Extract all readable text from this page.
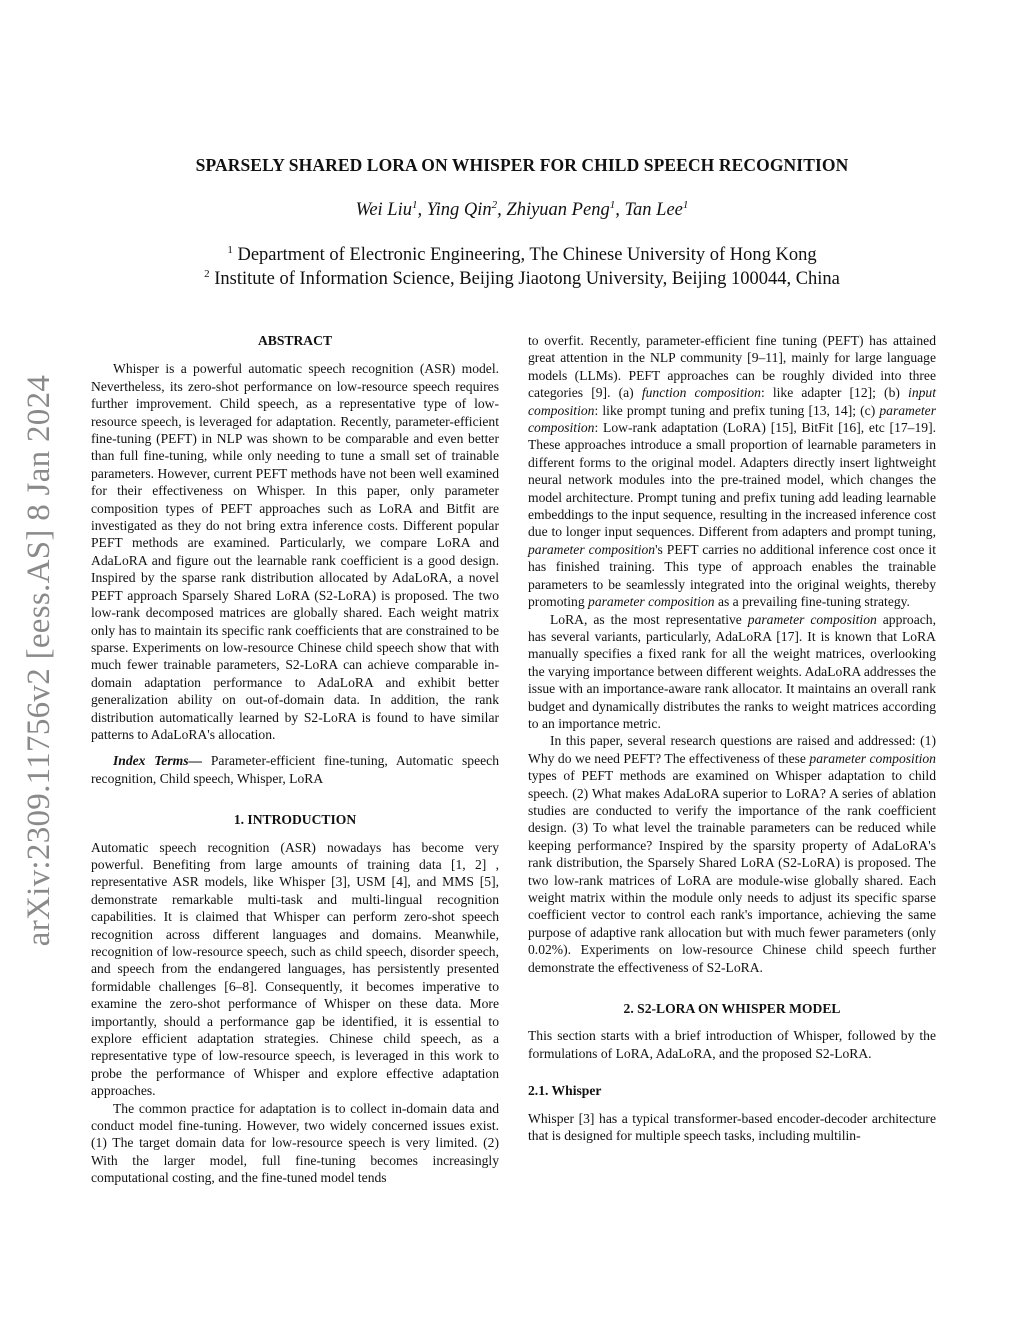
arXiv:2309.11756v2 [eess.AS] 8 Jan 2024
SPARSELY SHARED LORA ON WHISPER FOR CHILD SPEECH RECOGNITION
Wei Liu$^1$, Ying Qin$^2$, Zhiyuan Peng$^1$, Tan Lee$^1$
$^1$ Department of Electronic Engineering, The Chinese University of Hong Kong
$^2$ Institute of Information Science, Beijing Jiaotong University, Beijing 100044, China
ABSTRACT

Whisper is a powerful automatic speech recognition (ASR) model. Nevertheless, its zero-shot performance on low-resource speech requires further improvement. Child speech, as a representative type of low-resource speech, is leveraged for adaptation. Recently, parameter-efficient fine-tuning (PEFT) in NLP was shown to be comparable and even better than full fine-tuning, while only needing to tune a small set of trainable parameters. However, current PEFT methods have not been well examined for their effectiveness on Whisper. In this paper, only parameter composition types of PEFT approaches such as LoRA and Bitfit are investigated as they do not bring extra inference costs. Different popular PEFT methods are examined. Particularly, we compare LoRA and AdaLoRA and figure out the learnable rank coefficient is a good design. Inspired by the sparse rank distribution allocated by AdaLoRA, a novel PEFT approach Sparsely Shared LoRA (S2-LoRA) is proposed. The two low-rank decomposed matrices are globally shared. Each weight matrix only has to maintain its specific rank coefficients that are constrained to be sparse. Experiments on low-resource Chinese child speech show that with much fewer trainable parameters, S2-LoRA can achieve comparable in-domain adaptation performance to AdaLoRA and exhibit better generalization ability on out-of-domain data. In addition, the rank distribution automatically learned by S2-LoRA is found to have similar patterns to AdaLoRA's allocation.

Index Terms— Parameter-efficient fine-tuning, Automatic speech recognition, Child speech, Whisper, LoRA

1. INTRODUCTION

Automatic speech recognition (ASR) nowadays has become very powerful. Benefiting from large amounts of training data [1, 2] , representative ASR models, like Whisper [3], USM [4], and MMS [5], demonstrate remarkable multi-task and multi-lingual recognition capabilities. It is claimed that Whisper can perform zero-shot speech recognition across different languages and domains. Meanwhile, recognition of low-resource speech, such as child speech, disorder speech, and speech from the endangered languages, has persistently presented formidable challenges [6–8]. Consequently, it becomes imperative to examine the zero-shot performance of Whisper on these data. More importantly, should a performance gap be identified, it is essential to explore efficient adaptation strategies. Chinese child speech, as a representative type of low-resource speech, is leveraged in this work to probe the performance of Whisper and explore effective adaptation approaches.

The common practice for adaptation is to collect in-domain data and conduct model fine-tuning. However, two widely concerned issues exist. (1) The target domain data for low-resource speech is very limited. (2) With the larger model, full fine-tuning becomes increasingly computational costing, and the fine-tuned model tends

to overfit. Recently, parameter-efficient fine tuning (PEFT) has attained great attention in the NLP community [9–11], mainly for large language models (LLMs). PEFT approaches can be roughly divided into three categories [9]. (a) function composition: like adapter [12]; (b) input composition: like prompt tuning and prefix tuning [13, 14]; (c) parameter composition: Low-rank adaptation (LoRA) [15], BitFit [16], etc [17–19]. These approaches introduce a small proportion of learnable parameters in different forms to the original model. Adapters directly insert lightweight neural network modules into the pre-trained model, which changes the model architecture. Prompt tuning and prefix tuning add leading learnable embeddings to the input sequence, resulting in the increased inference cost due to longer input sequences. Different from adapters and prompt tuning, parameter composition's PEFT carries no additional inference cost once it has finished training. This type of approach enables the trainable parameters to be seamlessly integrated into the original weights, thereby promoting parameter composition as a prevailing fine-tuning strategy.

LoRA, as the most representative parameter composition approach, has several variants, particularly, AdaLoRA [17]. It is known that LoRA manually specifies a fixed rank for all the weight matrices, overlooking the varying importance between different weights. AdaLoRA addresses the issue with an importance-aware rank allocator. It maintains an overall rank budget and dynamically distributes the ranks to weight matrices according to an importance metric.

In this paper, several research questions are raised and addressed: (1) Why do we need PEFT? The effectiveness of these parameter composition types of PEFT methods are examined on Whisper adaptation to child speech. (2) What makes AdaLoRA superior to LoRA? A series of ablation studies are conducted to verify the importance of the rank coefficient design. (3) To what level the trainable parameters can be reduced while keeping performance? Inspired by the sparsity property of AdaLoRA's rank distribution, the Sparsely Shared LoRA (S2-LoRA) is proposed. The two low-rank matrices of LoRA are module-wise globally shared. Each weight matrix within the module only needs to adjust its specific sparse coefficient vector to control each rank's importance, achieving the same purpose of adaptive rank allocation but with much fewer parameters (only 0.02%). Experiments on low-resource Chinese child speech further demonstrate the effectiveness of S2-LoRA.

2. S2-LORA ON WHISPER MODEL

This section starts with a brief introduction of Whisper, followed by the formulations of LoRA, AdaLoRA, and the proposed S2-LoRA.

2.1. Whisper

Whisper [3] has a typical transformer-based encoder-decoder architecture that is designed for multiple speech tasks, including multilin-
